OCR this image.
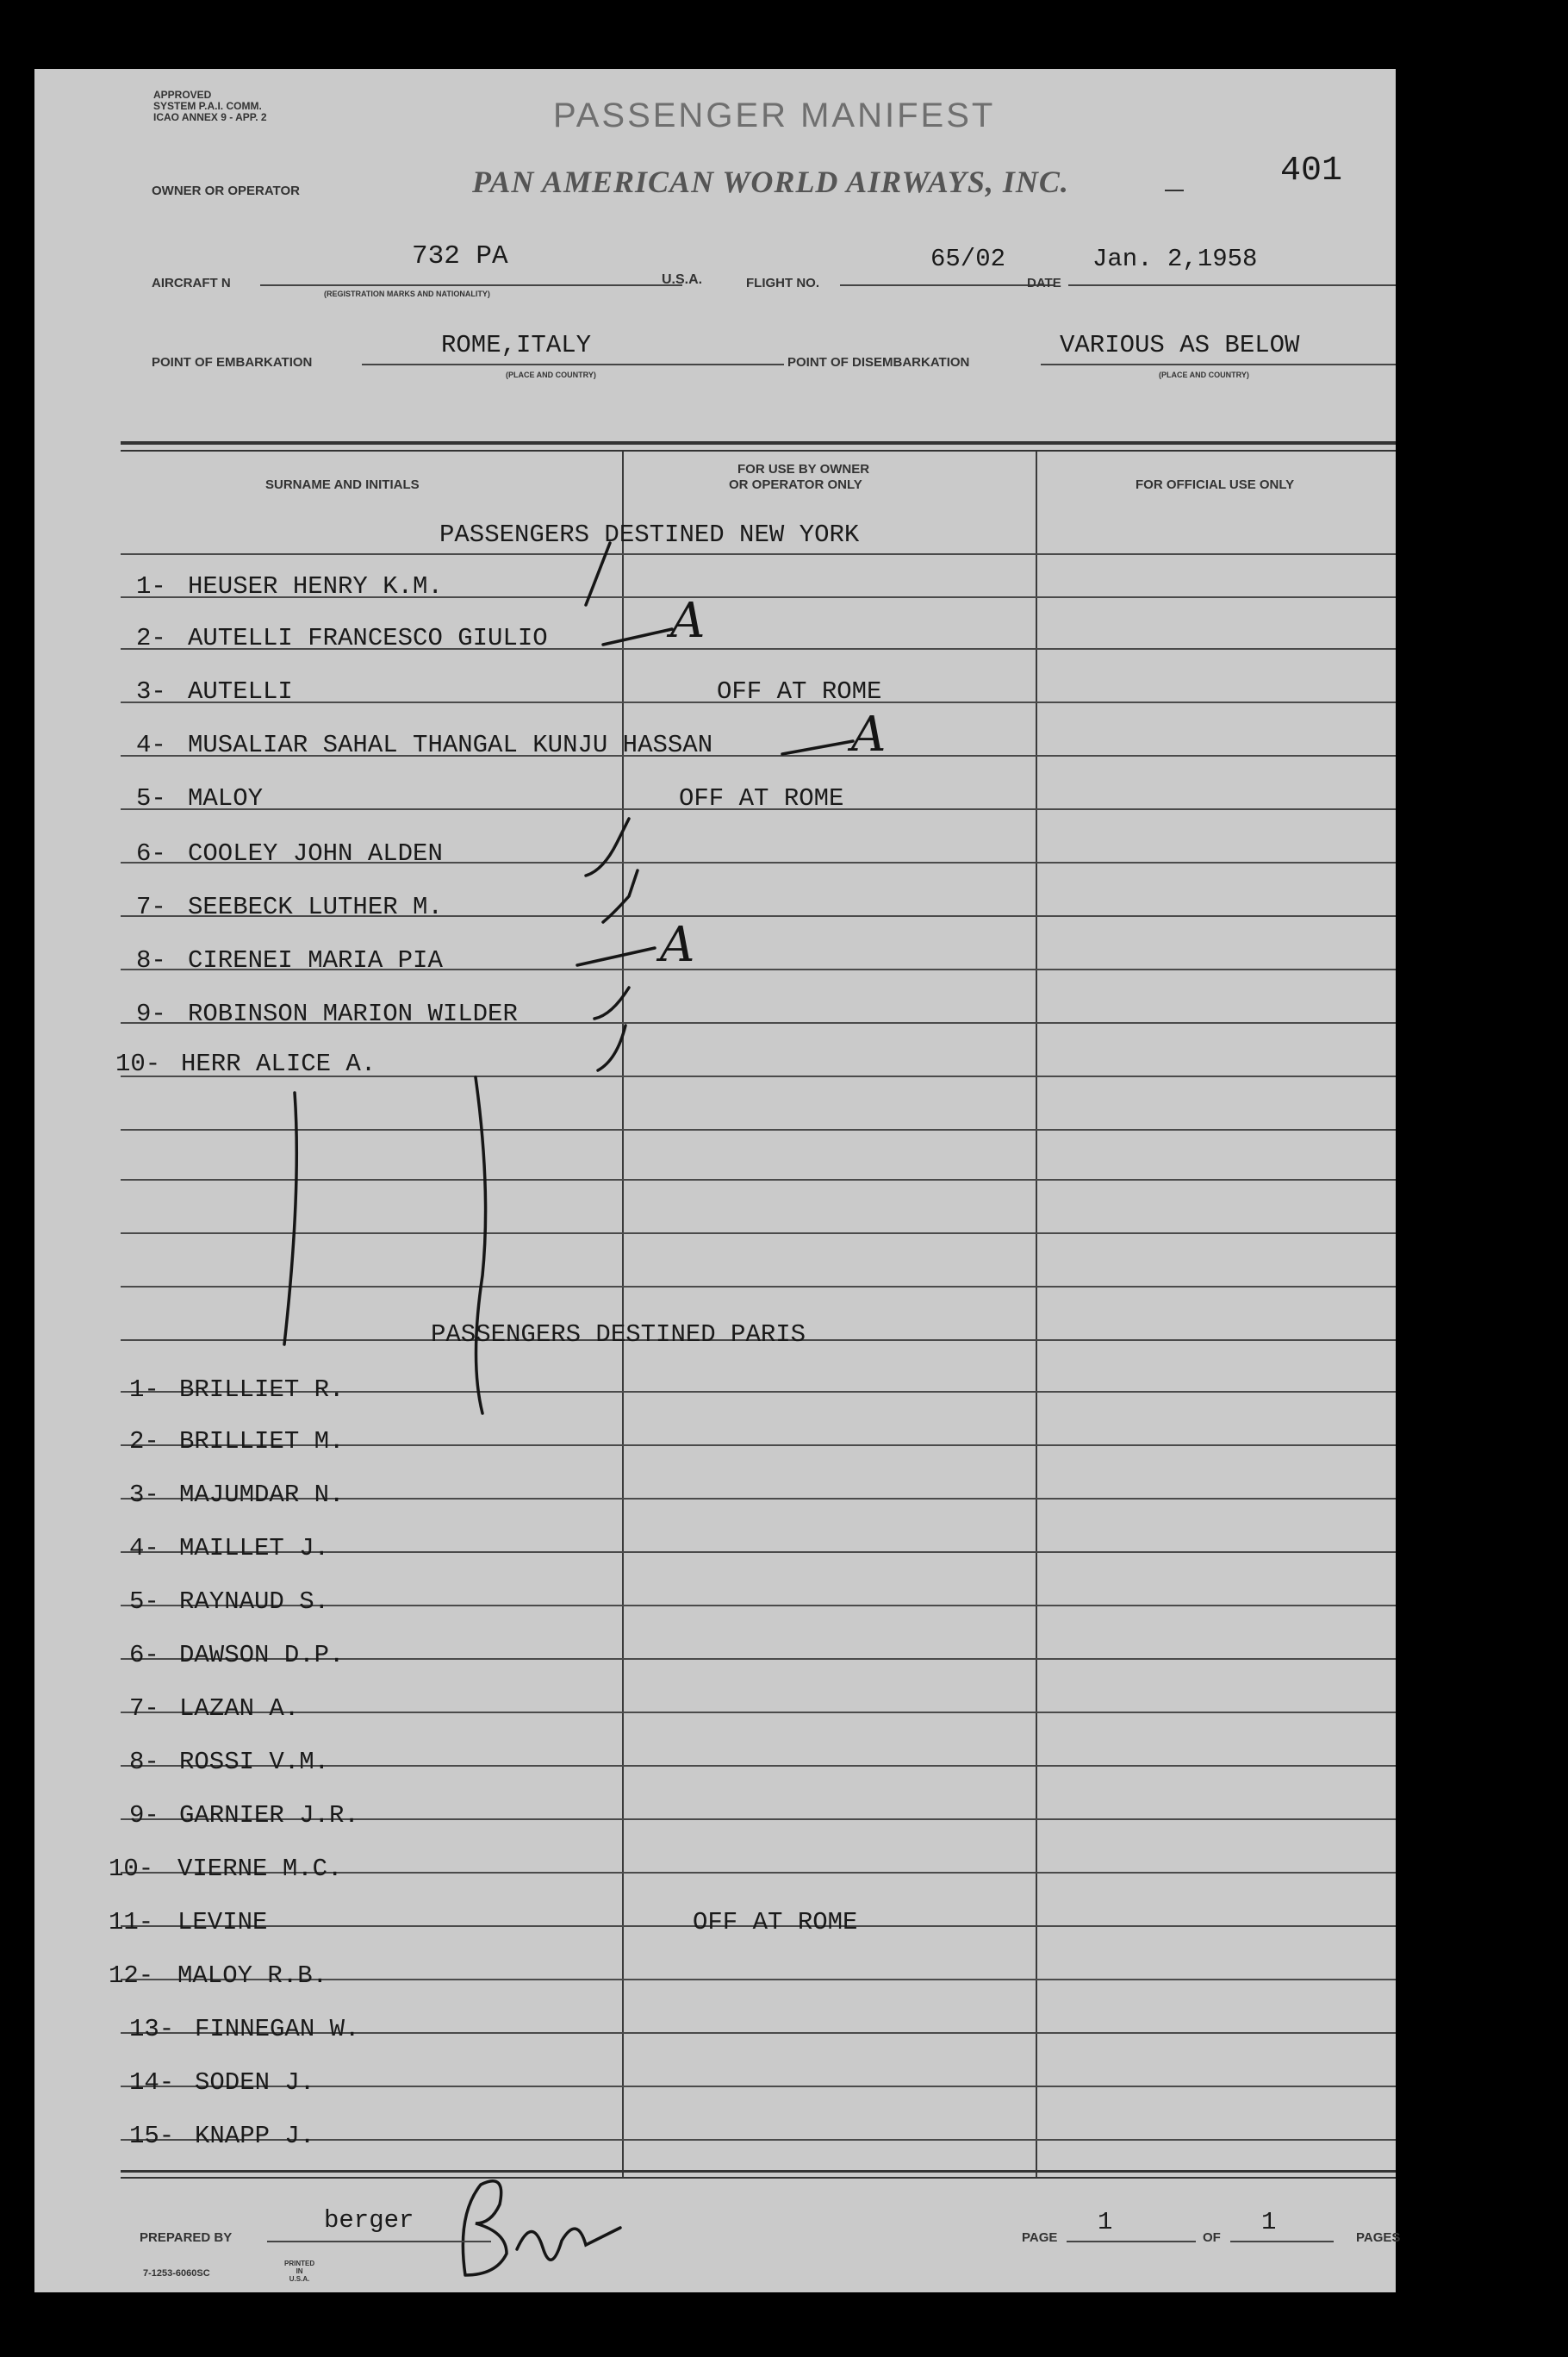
APPROVED
SYSTEM P.A.I. COMM.
ICAO ANNEX 9 - APP. 2	PASSENGER MANIFEST
OWNER OR OPERATOR	PAN AMERICAN WORLD AIRWAYS, INC.	401
AIRCRAFT N
732 PA
(REGISTRATION MARKS AND NATIONALITY)
U.S.A.	FLIGHT NO.
65/02
DATE
Jan. 2,1958
POINT OF EMBARKATION
ROME,ITALY
(PLACE AND COUNTRY)
POINT OF DISEMBARKATION
VARIOUS AS BELOW
(PLACE AND COUNTRY)
SURNAME AND INITIALS
FOR USE BY OWNER
OR OPERATOR ONLY	FOR OFFICIAL USE ONLY
PASSENGERS DESTINED NEW YORK
PASSENGERS DESTINED PARIS
1- HEUSER HENRY K.M.
2- AUTELLI FRANCESCO GIULIO
3- AUTELLI	OFF AT ROME
4- MUSALIAR SAHAL THANGAL KUNJU HASSAN
5- MALOY	OFF AT ROME
6- COOLEY JOHN ALDEN
7- SEEBECK LUTHER M.
8- CIRENEI MARIA PIA
9- ROBINSON MARION WILDER
10- HERR ALICE A.
1- BRILLIET R.
2- BRILLIET M.
3- MAJUMDAR N.
4- MAILLET J.
5- RAYNAUD S.
6- DAWSON D.P.
7- LAZAN A.
8- ROSSI V.M.
9- GARNIER J.R.
10- VIERNE M.C.
11- LEVINE	OFF AT ROME
12- MALOY R.B.
13- FINNEGAN W.
14- SODEN J.
15- KNAPP J.
A
A
A
PREPARED BY
berger
PAGE
1
OF
1
PAGES
7-1253-6060SC
PRINTED
IN
U.S.A.
